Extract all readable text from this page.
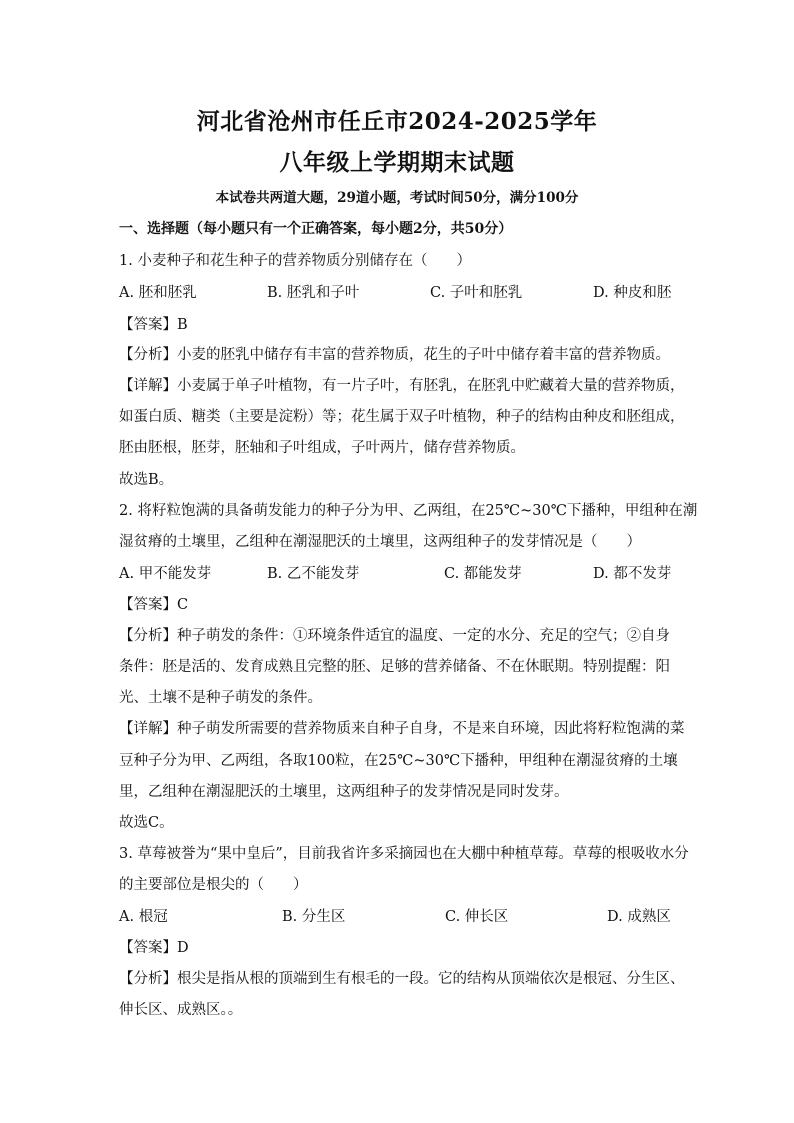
河北省沧州市任丘市2024-2025学年
八年级上学期期末试题
本试卷共两道大题，29道小题，考试时间50分，满分100分
一、选择题（每小题只有一个正确答案，每小题2分，共50分）
1. 小麦种子和花生种子的营养物质分别储存在（　　）
A. 胚和胚乳	B. 胚乳和子叶	C. 子叶和胚乳	D. 种皮和胚
【答案】B
【分析】小麦的胚乳中储存有丰富的营养物质，花生的子叶中储存着丰富的营养物质。
【详解】小麦属于单子叶植物，有一片子叶，有胚乳，在胚乳中贮藏着大量的营养物质，
如蛋白质、糖类（主要是淀粉）等；花生属于双子叶植物，种子的结构由种皮和胚组成，
胚由胚根，胚芽，胚轴和子叶组成，子叶两片，储存营养物质。
故选B。
2. 将籽粒饱满的具备萌发能力的种子分为甲、乙两组，在25℃~30℃下播种，甲组种在潮
湿贫瘠的土壤里，乙组种在潮湿肥沃的土壤里，这两组种子的发芽情况是（　　）
A. 甲不能发芽	B. 乙不能发芽	C. 都能发芽	D. 都不发芽
【答案】C
【分析】种子萌发的条件：①环境条件适宜的温度、一定的水分、充足的空气；②自身
条件：胚是活的、发育成熟且完整的胚、足够的营养储备、不在休眠期。特别提醒：阳
光、土壤不是种子萌发的条件。
【详解】种子萌发所需要的营养物质来自种子自身，不是来自环境，因此将籽粒饱满的菜
豆种子分为甲、乙两组，各取100粒，在25℃~30℃下播种，甲组种在潮湿贫瘠的土壤
里，乙组种在潮湿肥沃的土壤里，这两组种子的发芽情况是同时发芽。
故选C。
3. 草莓被誉为“果中皇后”，目前我省许多采摘园也在大棚中种植草莓。草莓的根吸收水分
的主要部位是根尖的（　　）
A. 根冠	B. 分生区	C. 伸长区	D. 成熟区
【答案】D
【分析】根尖是指从根的顶端到生有根毛的一段。它的结构从顶端依次是根冠、分生区、
伸长区、成熟区。。
